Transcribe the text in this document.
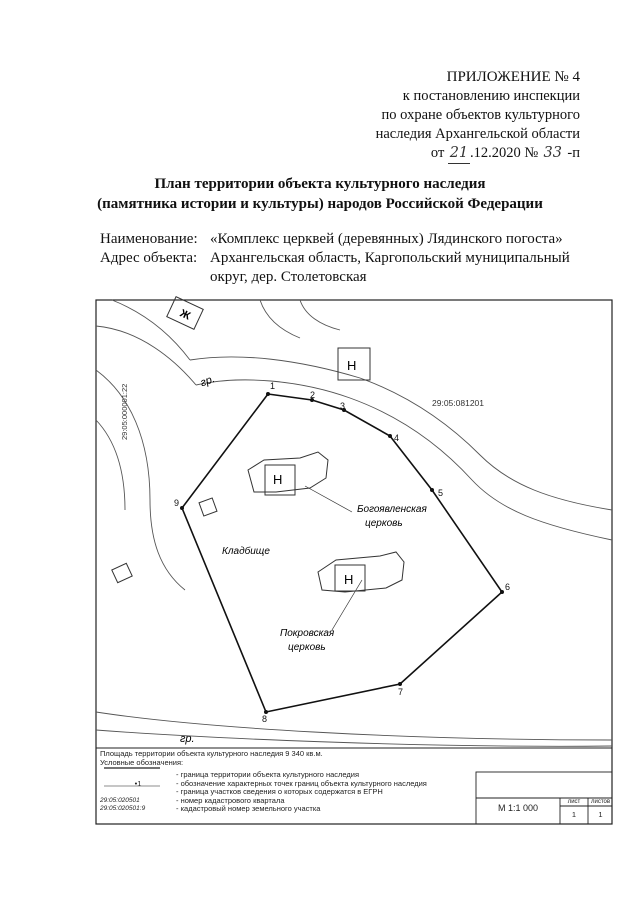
ПРИЛОЖЕНИЕ № 4
к постановлению инспекции
по охране объектов культурного
наследия Архангельской области
от 21 .12.2020 № 33 -п
План территории объекта культурного наследия
(памятника истории и культуры) народов Российской Федерации
Наименование: «Комплекс церквей (деревянных) Лядинского погоста»
Адрес объекта: Архангельская область, Каргопольский муниципальный
округ, дер. Столетовская
1
2
3
4
5
6
7
8
9
Ж
Н
Н
Н
гр.
гр.
29:05:081201
29:05:000001:22
Богоявленская
церковь
Кладбище
Покровская
церковь
Площадь территории объекта культурного наследия 9 340 кв.м.
Условные обозначения:
- граница территории объекта культурного наследия
•1	- обозначение характерных точек границ объекта культурного наследия
- граница участков сведения о которых содержатся в ЕГРН
29:05:020501	- номер кадастрового квартала
29:05:020501:9	- кадастровый номер земельного участка	М 1:1 000
лист	листов
1	1
